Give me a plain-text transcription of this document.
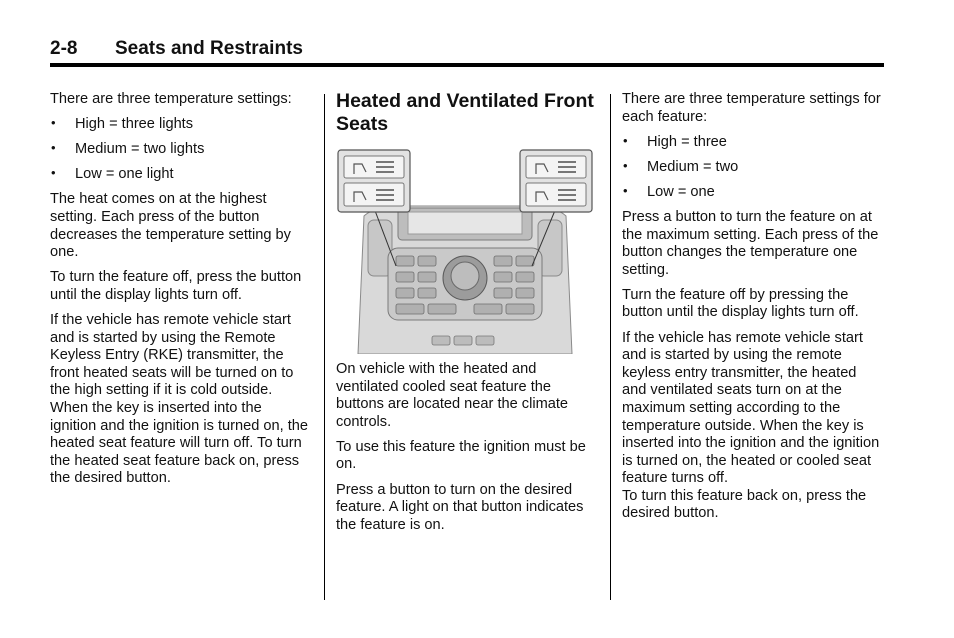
2-8 Seats and Restraints

There are three temperature settings:

• High = three lights
• Medium = two lights
• Low = one light

The heat comes on at the highest setting. Each press of the button decreases the temperature setting by one.

To turn the feature off, press the button until the display lights turn off.

If the vehicle has remote vehicle start and is started by using the Remote Keyless Entry (RKE) transmitter, the front heated seats will be turned on to the high setting if it is cold outside. When the key is inserted into the ignition and the ignition is turned on, the heated seat feature will turn off. To turn the heated seat feature back on, press the desired button.

Heated and Ventilated Front Seats

On vehicle with the heated and ventilated cooled seat feature the buttons are located near the climate controls.

To use this feature the ignition must be on.

Press a button to turn on the desired feature. A light on that button indicates the feature is on.

There are three temperature settings for each feature:

• High = three
• Medium = two
• Low = one

Press a button to turn the feature on at the maximum setting. Each press of the button changes the temperature one setting.

Turn the feature off by pressing the button until the display lights turn off.

If the vehicle has remote vehicle start and is started by using the remote keyless entry transmitter, the heated and ventilated seats turn on at the maximum setting according to the temperature outside. When the key is inserted into the ignition and the ignition is turned on, the heated or cooled seat feature turns off.

To turn this feature back on, press the desired button.
